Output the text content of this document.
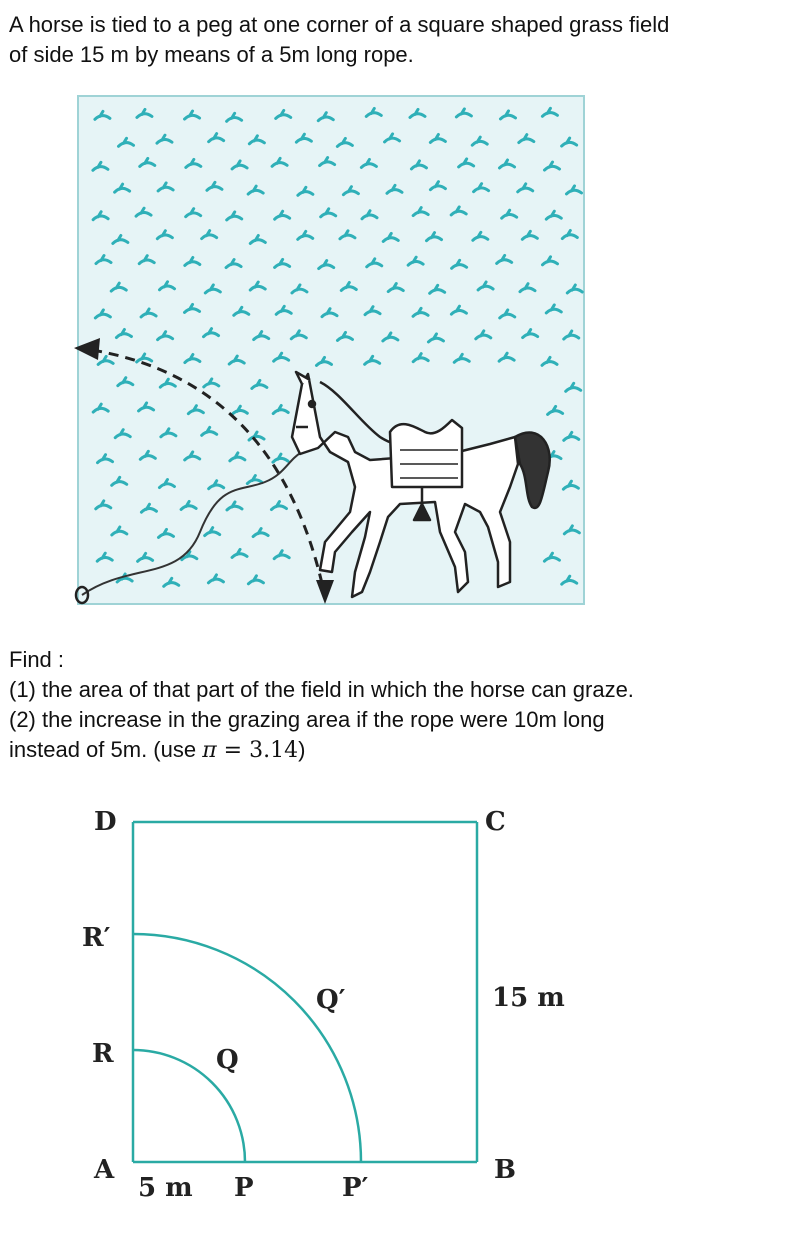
A horse is tied to a peg at one corner of a square shaped grass field
of side 15 m by means of a 5m long rope.
Find :
(1) the area of that part of the field in which the horse can graze.
(2) the increase in the grazing area if the rope were 10m long
instead of 5m. (use π = 3.14)
D	C
R′
Q′	15 m
R	Q
A	B
5 m P	P′
